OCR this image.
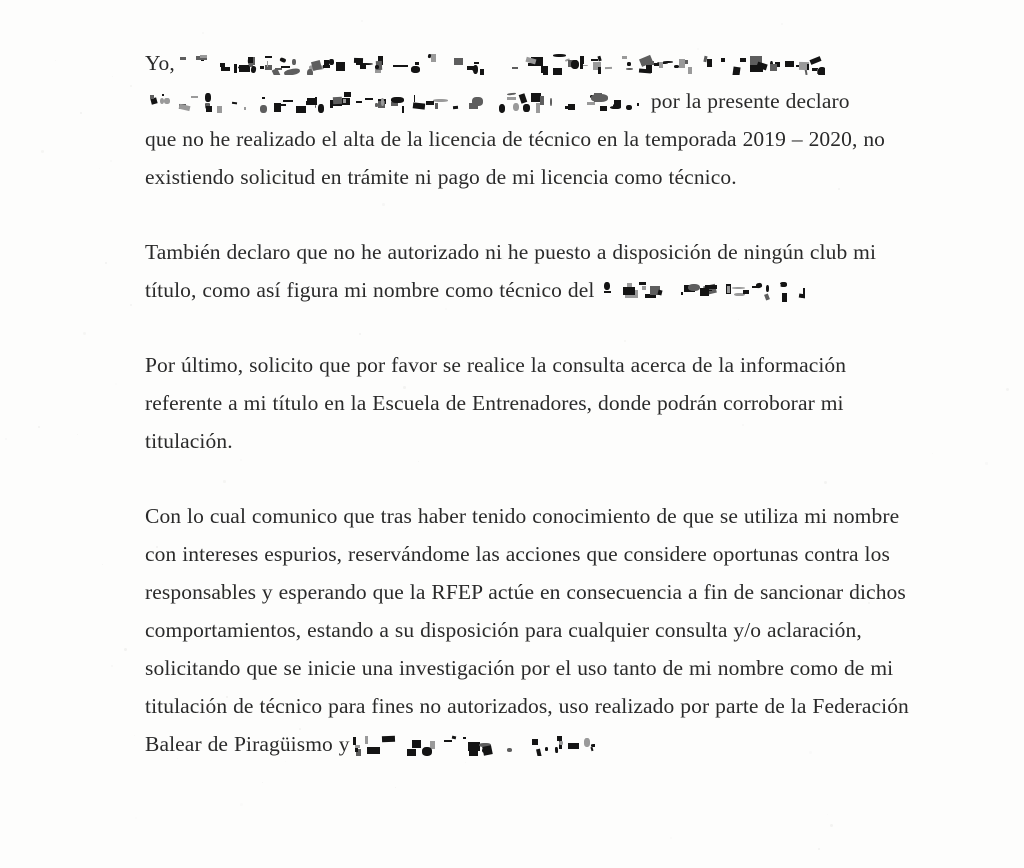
Yo,
por la presente declaro
que no he realizado el alta de la licencia de técnico en la temporada 2019 – 2020, no
existiendo solicitud en trámite ni pago de mi licencia como técnico.
También declaro que no he autorizado ni he puesto a disposición de ningún club mi
título, como así figura mi nombre como técnico del
Por último, solicito que por favor se realice la consulta acerca de la información
referente a mi título en la Escuela de Entrenadores, donde podrán corroborar mi
titulación.
Con lo cual comunico que tras haber tenido conocimiento de que se utiliza mi nombre
con intereses espurios, reservándome las acciones que considere oportunas contra los
responsables y esperando que la RFEP actúe en consecuencia a fin de sancionar dichos
comportamientos, estando a su disposición para cualquier consulta y/o aclaración,
solicitando que se inicie una investigación por el uso tanto de mi nombre como de mi
titulación de técnico para fines no autorizados, uso realizado por parte de la Federación
Balear de Piragüismo y
